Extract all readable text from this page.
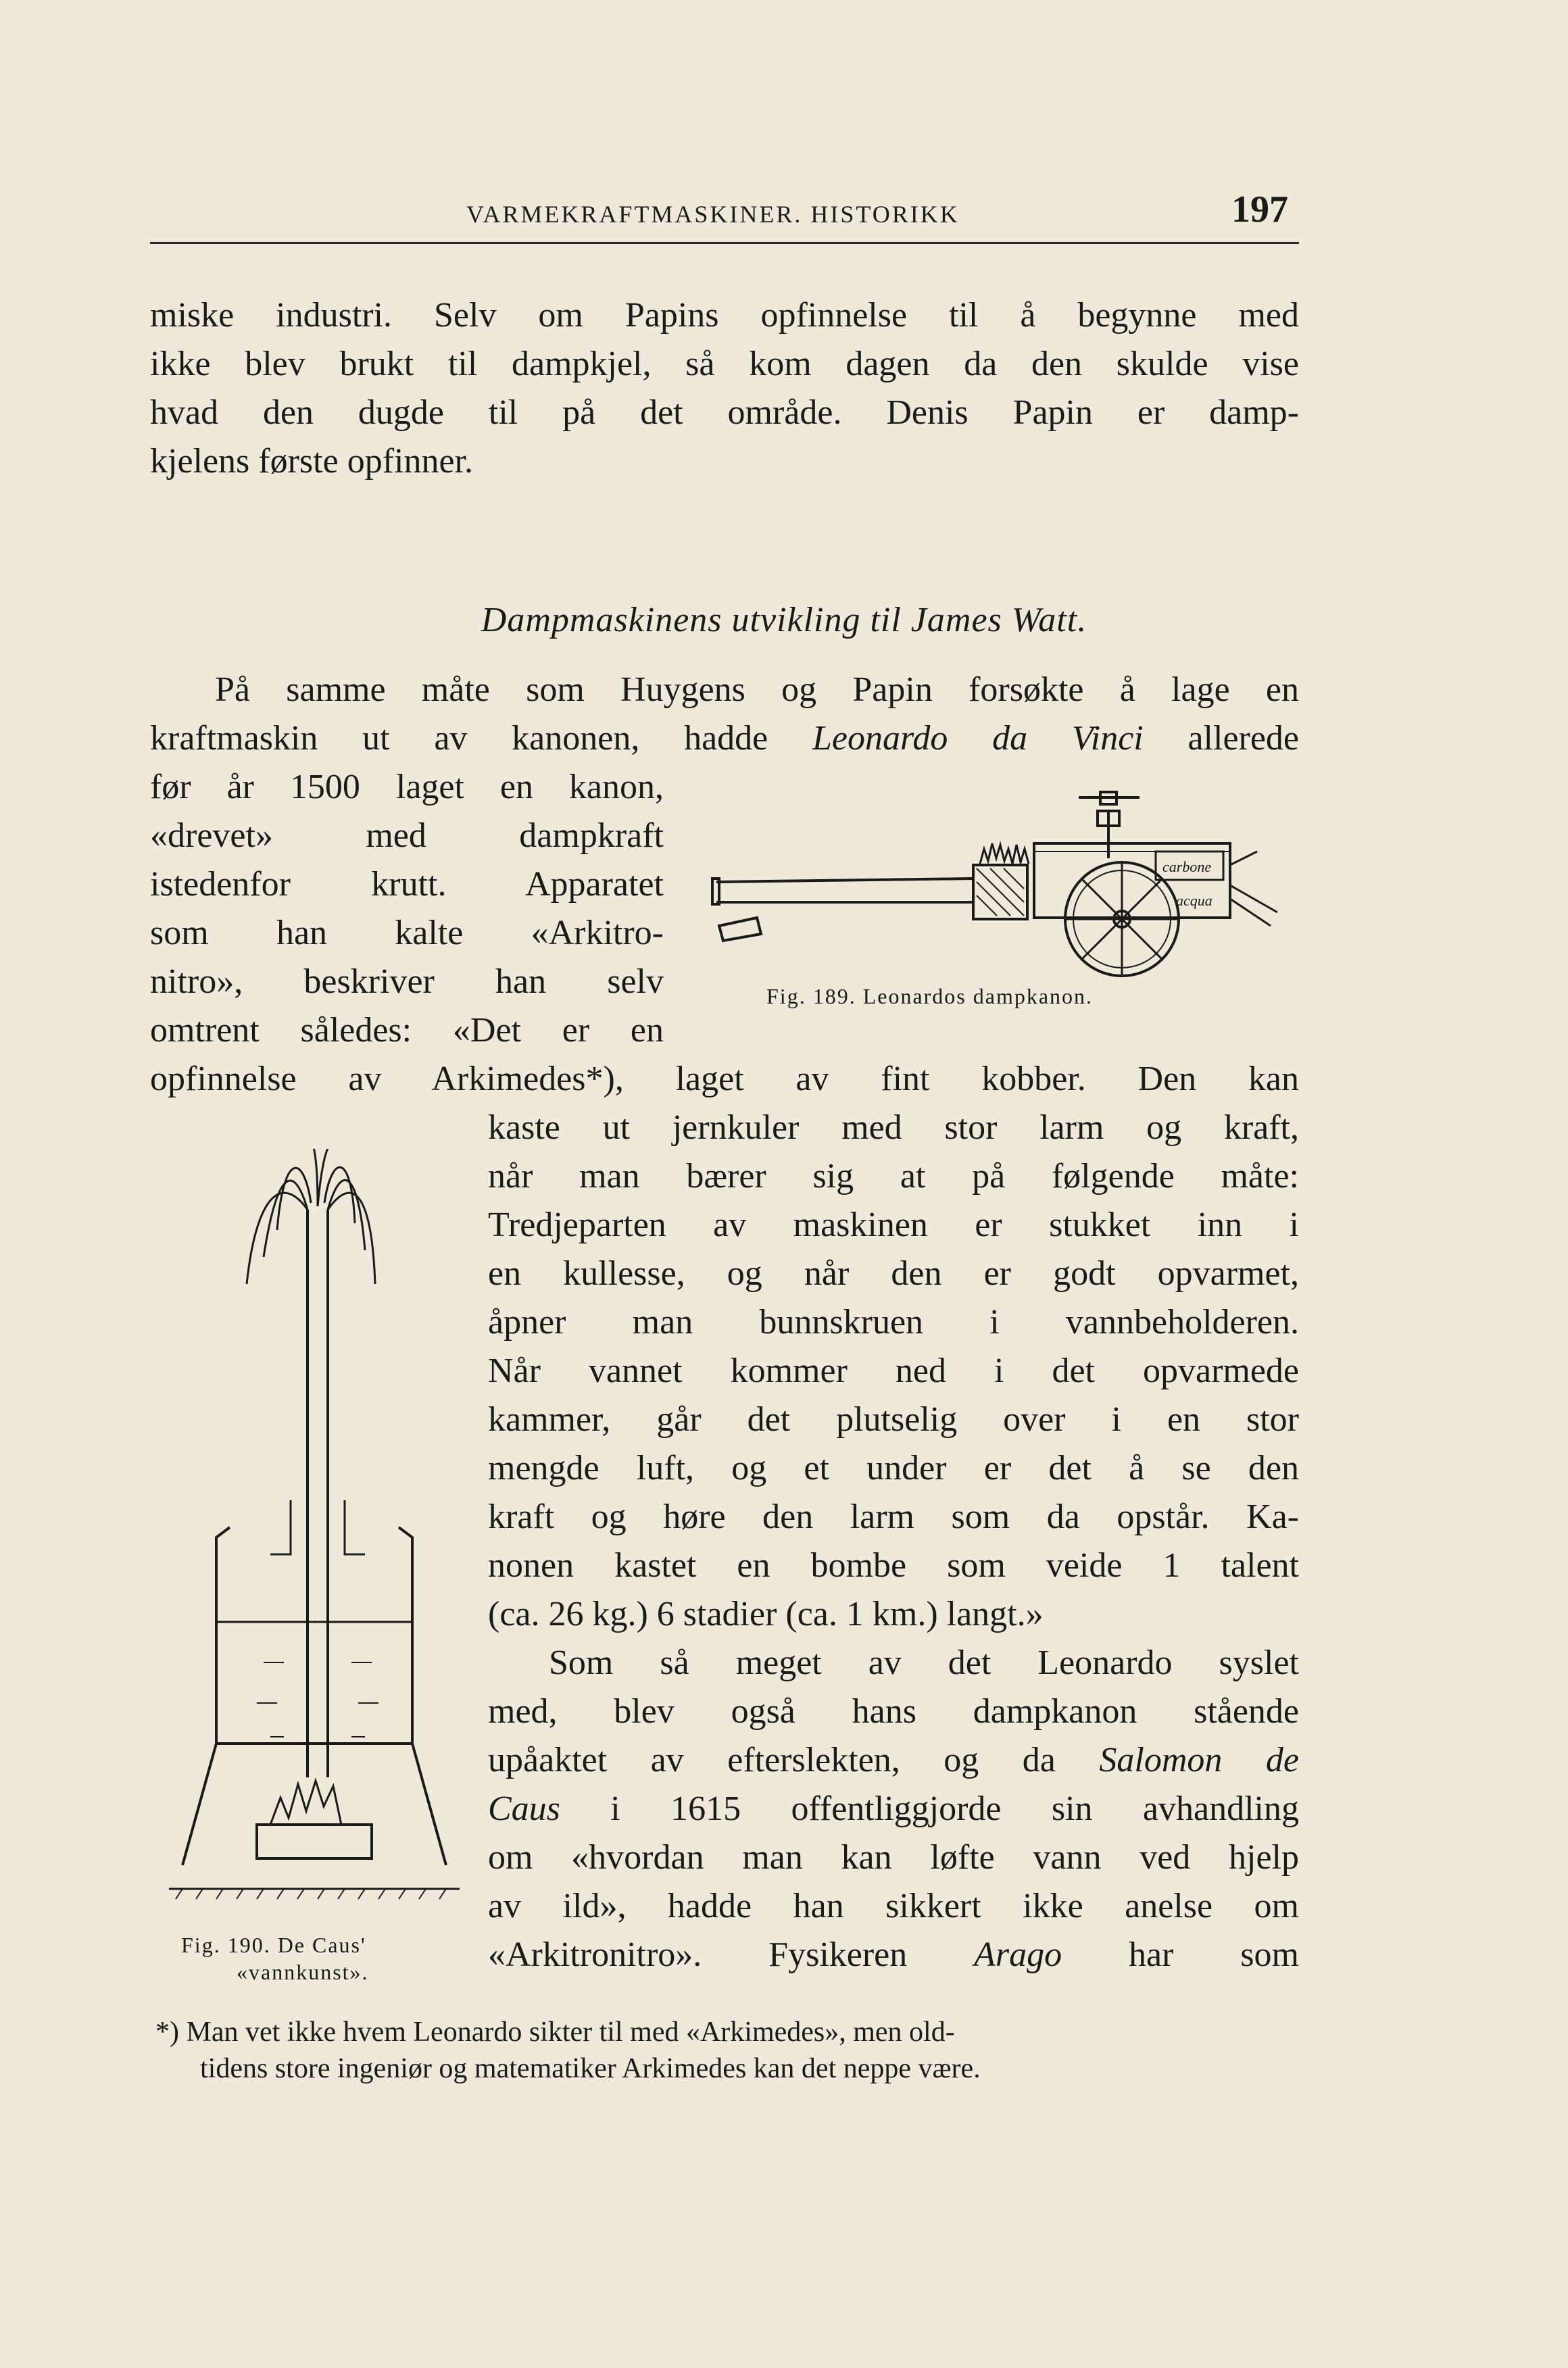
VARMEKRAFTMASKINER. HISTORIKK	197
miske industri. Selv om Papins opfinnelse til å begynne med
ikke blev brukt til dampkjel, så kom dagen da den skulde vise
hvad den dugde til på det område. Denis Papin er damp-
kjelens første opfinner.
Dampmaskinens utvikling til James Watt.
På samme måte som Huygens og Papin forsøkte å lage en
kraftmaskin ut av kanonen, hadde Leonardo da Vinci allerede
før år 1500 laget en kanon,
«drevet» med dampkraft
istedenfor krutt. Apparatet
som han kalte «Arkitro-
nitro», beskriver han selv
omtrent således: «Det er en
opfinnelse av Arkimedes*), laget av fint kobber. Den kan
kaste ut jernkuler med stor larm og kraft,
når man bærer sig at på følgende måte:
Tredjeparten av maskinen er stukket inn i
en kullesse, og når den er godt opvarmet,
åpner man bunnskruen i vannbeholderen.
Når vannet kommer ned i det opvarmede
kammer, går det plutselig over i en stor
mengde luft, og et under er det å se den
kraft og høre den larm som da opstår. Ka-
nonen kastet en bombe som veide 1 talent
(ca. 26 kg.) 6 stadier (ca. 1 km.) langt.»
Som så meget av det Leonardo syslet
med, blev også hans dampkanon stående
upåaktet av efterslekten, og da Salomon de
Caus i 1615 offentliggjorde sin avhandling
om «hvordan man kan løfte vann ved hjelp
av ild», hadde han sikkert ikke anelse om
«Arkitronitro». Fysikeren Arago har som
carbone
acqua
Fig. 189. Leonardos dampkanon.
Fig. 190. De Caus'
«vannkunst».
*) Man vet ikke hvem Leonardo sikter til med «Arkimedes», men old-
tidens store ingeniør og matematiker Arkimedes kan det neppe være.
